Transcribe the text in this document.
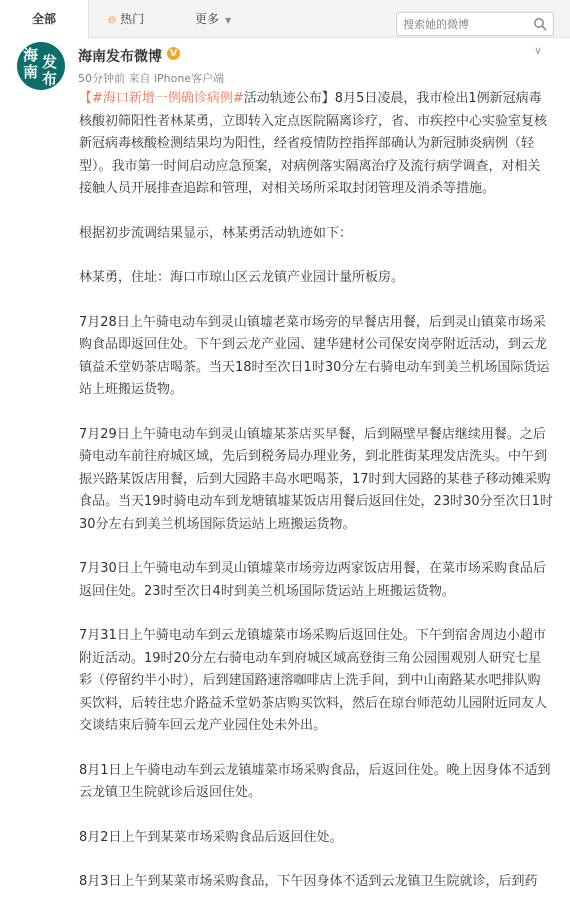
全部	🔥︎ 热门	更多 ▼
搜索她的微博
海
南
发
布
海南发布微博 V	∨
50分钟前 来自 iPhone客户端

【#海口新增一例确诊病例#活动轨迹公布】8月5日凌晨，我市检出1例新冠病毒核酸初筛阳性者林某勇，立即转入定点医院隔离诊疗，省、市疾控中心实验室复核新冠病毒核酸检测结果均为阳性，经省疫情防控指挥部确认为新冠肺炎病例（轻型）。我市第一时间启动应急预案，对病例落实隔离治疗及流行病学调查，对相关接触人员开展排查追踪和管理，对相关场所采取封闭管理及消杀等措施。

根据初步流调结果显示，林某勇活动轨迹如下：

林某勇，住址：海口市琼山区云龙镇产业园计量所板房。

7月28日上午骑电动车到灵山镇墟老菜市场旁的早餐店用餐，后到灵山镇菜市场采购食品即返回住处。下午到云龙产业园、建华建材公司保安岗亭附近活动，到云龙镇益禾堂奶茶店喝茶。当天18时至次日1时30分左右骑电动车到美兰机场国际货运站上班搬运货物。

7月29日上午骑电动车到灵山镇墟某茶店买早餐，后到隔壁早餐店继续用餐。之后骑电动车前往府城区域，先后到税务局办理业务，到北胜街某理发店洗头。中午到振兴路某饭店用餐，后到大园路丰岛水吧喝茶，17时到大园路的某巷子移动摊采购食品。当天19时骑电动车到龙塘镇墟某饭店用餐后返回住处，23时30分至次日1时30分左右到美兰机场国际货运站上班搬运货物。

7月30日上午骑电动车到灵山镇墟菜市场旁边两家饭店用餐，在菜市场采购食品后返回住处。23时至次日4时到美兰机场国际货运站上班搬运货物。

7月31日上午骑电动车到云龙镇墟菜市场采购后返回住处。下午到宿舍周边小超市附近活动。19时20分左右骑电动车到府城区域高登街三角公园围观别人研究七星彩（停留约半小时），后到建国路速溶咖啡店上洗手间，到中山南路某水吧排队购买饮料，后转往忠介路益禾堂奶茶店购买饮料，然后在琼台师范幼儿园附近同友人交谈结束后骑车回云龙产业园住处未外出。

8月1日上午骑电动车到云龙镇墟菜市场采购食品，后返回住处。晚上因身体不适到云龙镇卫生院就诊后返回住处。

8月2日上午到某菜市场采购食品后返回住处。

8月3日上午到某菜市场采购食品，下午因身体不适到云龙镇卫生院就诊，后到药
